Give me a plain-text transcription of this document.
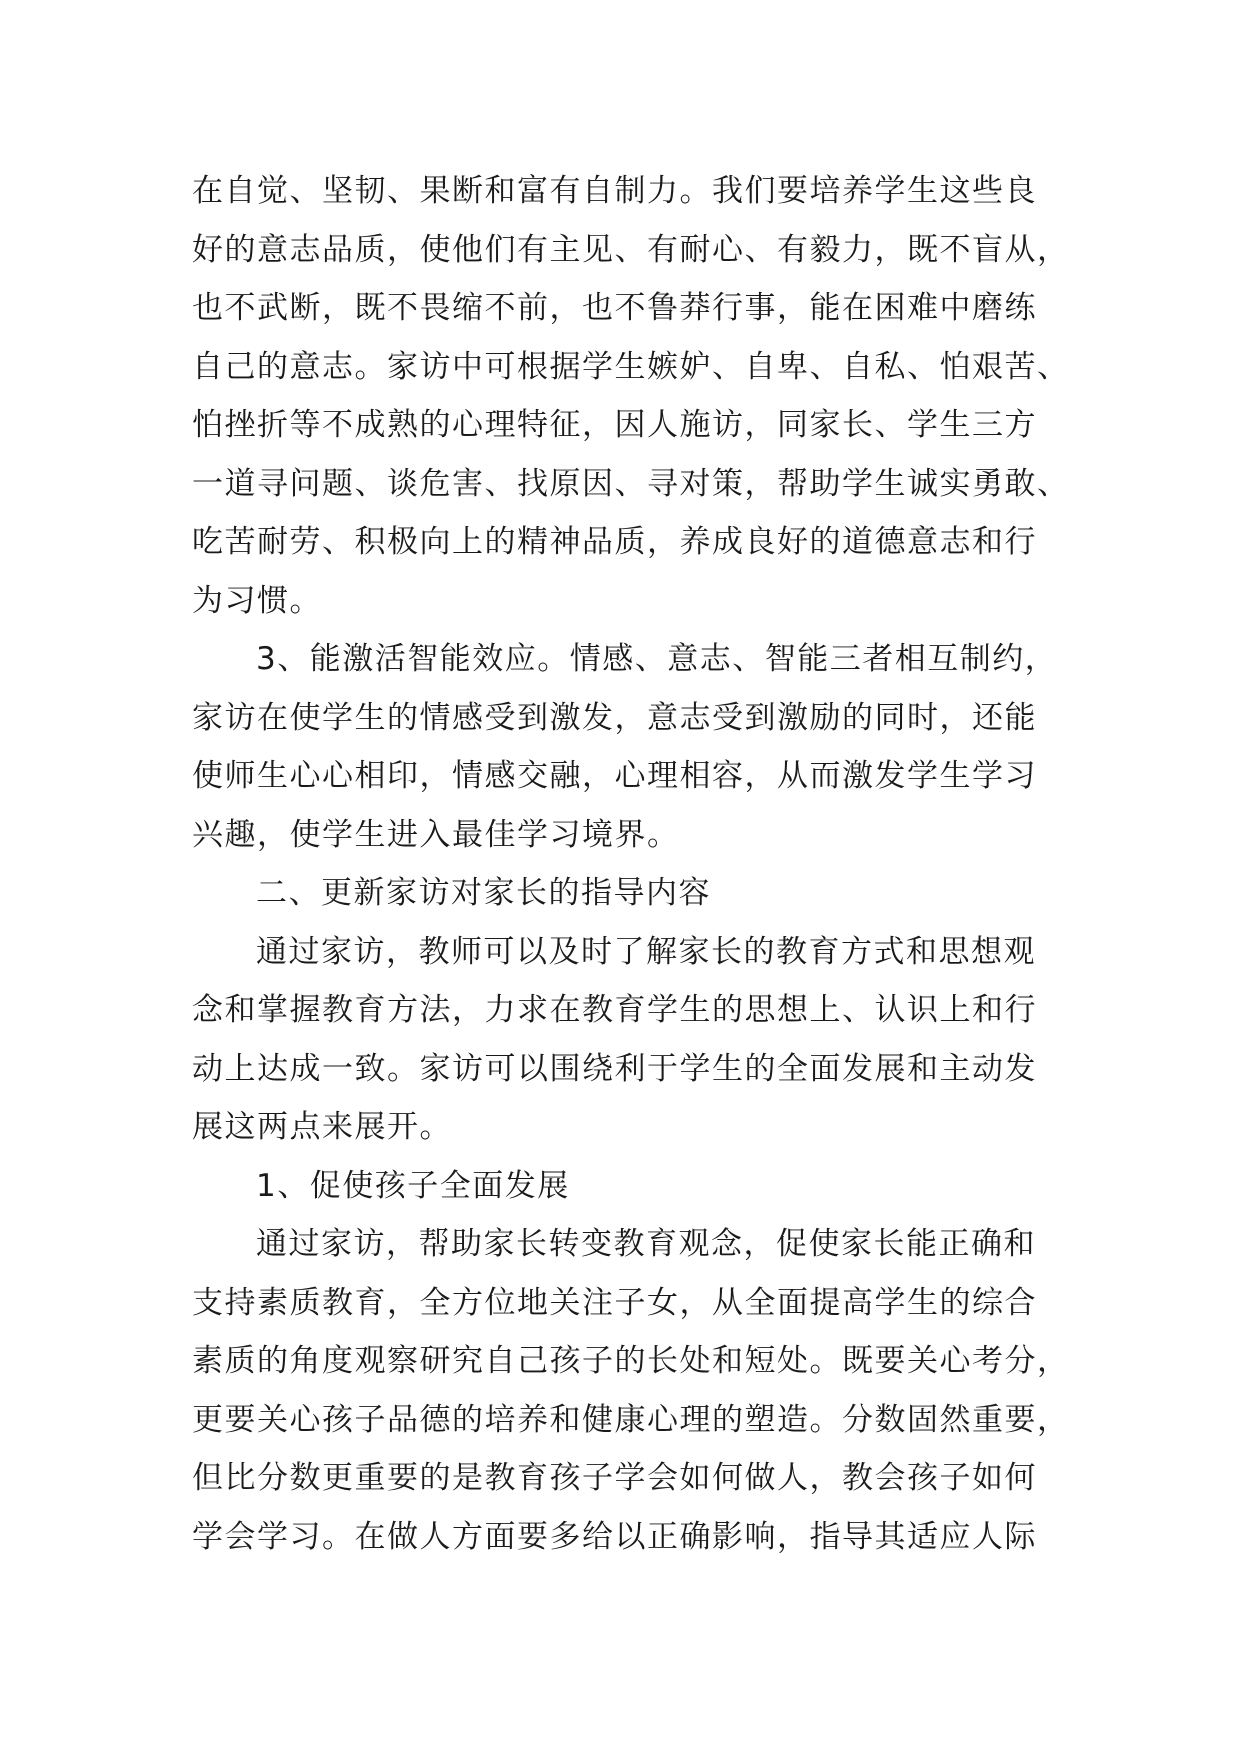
在自觉、坚韧、果断和富有自制力。我们要培养学生这些良
好的意志品质，使他们有主见、有耐心、有毅力，既不盲从，
也不武断，既不畏缩不前，也不鲁莽行事，能在困难中磨练
自己的意志。家访中可根据学生嫉妒、自卑、自私、怕艰苦、
怕挫折等不成熟的心理特征，因人施访，同家长、学生三方
一道寻问题、谈危害、找原因、寻对策，帮助学生诚实勇敢、
吃苦耐劳、积极向上的精神品质，养成良好的道德意志和行
为习惯。
3、能激活智能效应。情感、意志、智能三者相互制约，
家访在使学生的情感受到激发，意志受到激励的同时，还能
使师生心心相印，情感交融，心理相容，从而激发学生学习
兴趣，使学生进入最佳学习境界。
二、更新家访对家长的指导内容
通过家访，教师可以及时了解家长的教育方式和思想观
念和掌握教育方法，力求在教育学生的思想上、认识上和行
动上达成一致。家访可以围绕利于学生的全面发展和主动发
展这两点来展开。
1、促使孩子全面发展
通过家访，帮助家长转变教育观念，促使家长能正确和
支持素质教育，全方位地关注子女，从全面提高学生的综合
素质的角度观察研究自己孩子的长处和短处。既要关心考分，
更要关心孩子品德的培养和健康心理的塑造。分数固然重要，
但比分数更重要的是教育孩子学会如何做人，教会孩子如何
学会学习。在做人方面要多给以正确影响，指导其适应人际
